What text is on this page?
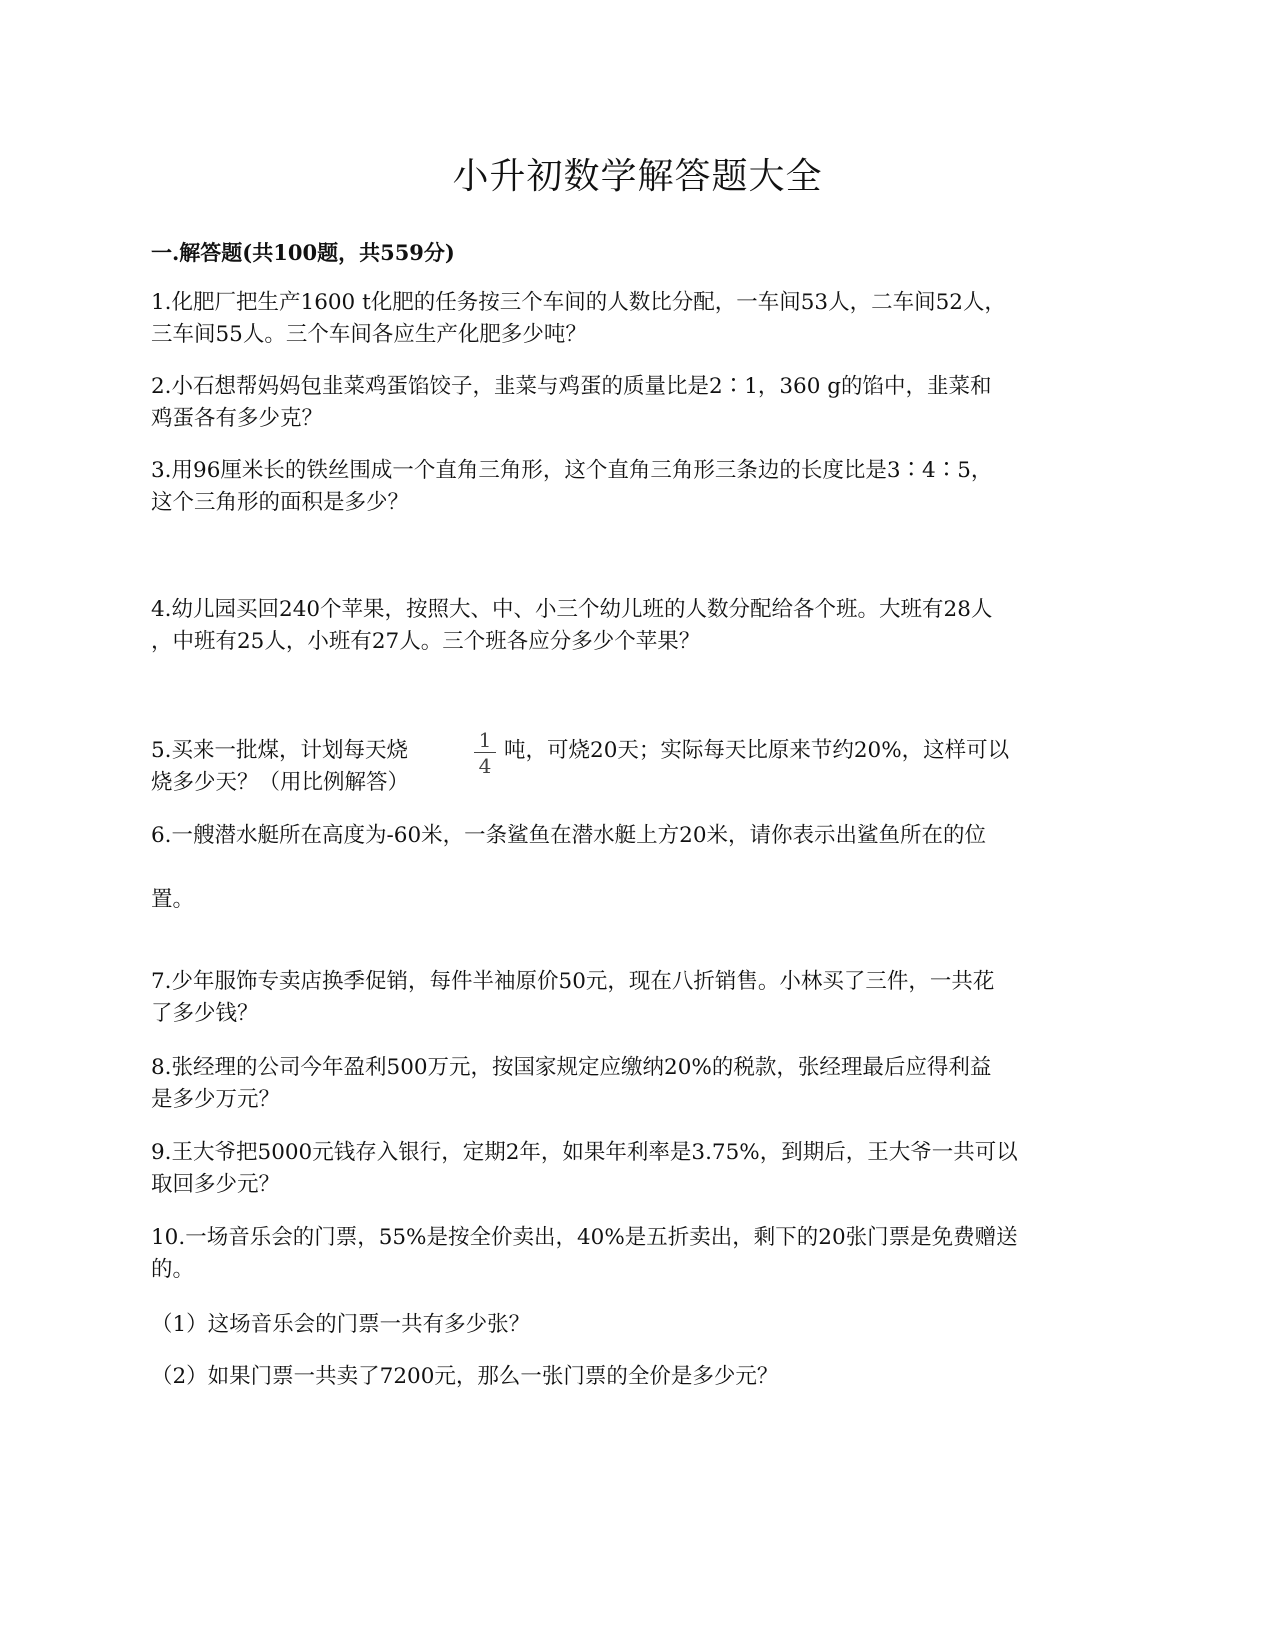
小升初数学解答题大全
一.解答题(共100题，共559分)

1.化肥厂把生产1600 t化肥的任务按三个车间的人数比分配，一车间53人，二车间52人，

三车间55人。三个车间各应生产化肥多少吨？

2.小石想帮妈妈包韭菜鸡蛋馅饺子，韭菜与鸡蛋的质量比是2∶1，360 g的馅中，韭菜和

鸡蛋各有多少克？

3.用96厘米长的铁丝围成一个直角三角形，这个直角三角形三条边的长度比是3∶4∶5，

这个三角形的面积是多少？

4.幼儿园买回240个苹果，按照大、中、小三个幼儿班的人数分配给各个班。大班有28人

，中班有25人，小班有27人。三个班各应分多少个苹果？

1
4

5.买来一批煤，计划每天烧	吨，可烧20天；实际每天比原来节约20%，这样可以

烧多少天？（用比例解答）

6.一艘潜水艇所在高度为-60米，一条鲨鱼在潜水艇上方20米，请你表示出鲨鱼所在的位

置。

7.少年服饰专卖店换季促销，每件半袖原价50元，现在八折销售。小林买了三件，一共花

了多少钱？

8.张经理的公司今年盈利500万元，按国家规定应缴纳20%的税款，张经理最后应得利益

是多少万元？

9.王大爷把5000元钱存入银行，定期2年，如果年利率是3.75%，到期后，王大爷一共可以

取回多少元？

10.一场音乐会的门票，55%是按全价卖出，40%是五折卖出，剩下的20张门票是免费赠送

的。

（1）这场音乐会的门票一共有多少张？

（2）如果门票一共卖了7200元，那么一张门票的全价是多少元？
